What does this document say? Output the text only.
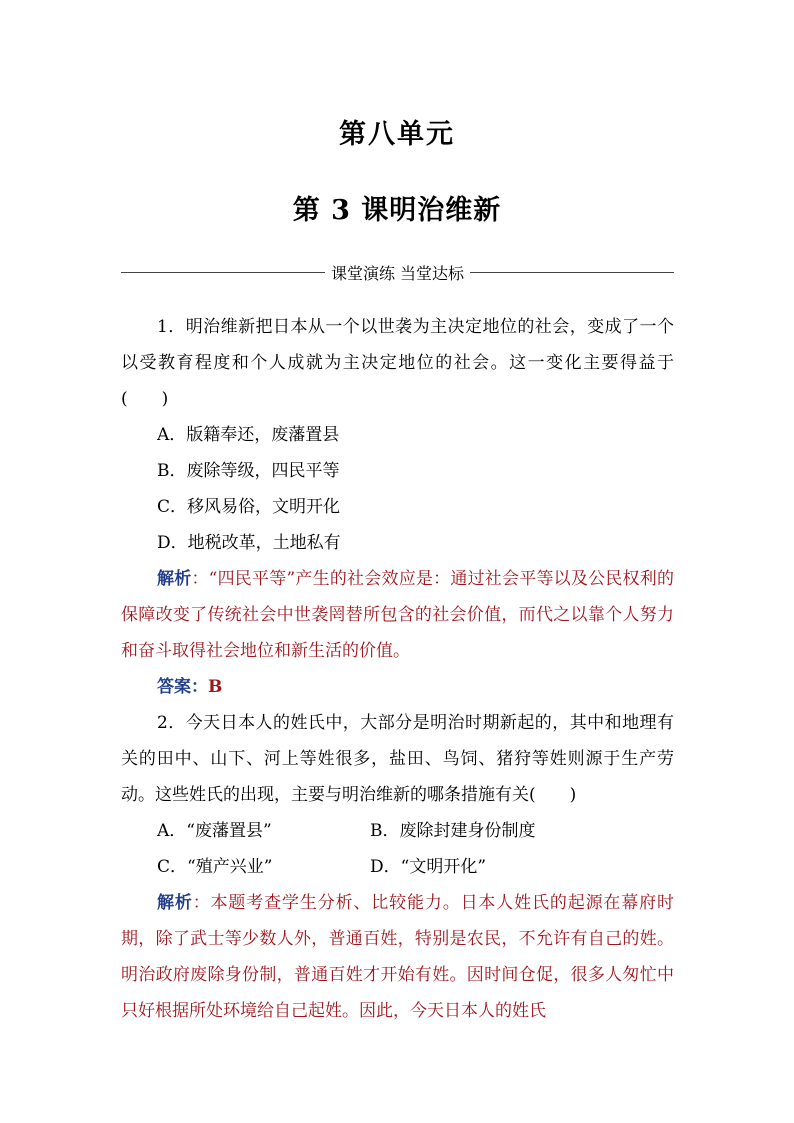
第八单元
第 3 课明治维新
课堂演练 当堂达标

1．明治维新把日本从一个以世袭为主决定地位的社会，变成了一个以受教育程度和个人成就为主决定地位的社会。这一变化主要得益于(　　)

A．版籍奉还，废藩置县

B．废除等级，四民平等

C．移风易俗，文明开化

D．地税改革，土地私有

解析：“四民平等”产生的社会效应是：通过社会平等以及公民权利的保障改变了传统社会中世袭罔替所包含的社会价值，而代之以靠个人努力和奋斗取得社会地位和新生活的价值。

答案：B

2．今天日本人的姓氏中，大部分是明治时期新起的，其中和地理有关的田中、山下、河上等姓很多，盐田、鸟饲、猪狩等姓则源于生产劳动。这些姓氏的出现，主要与明治维新的哪条措施有关(　　)

A．“废藩置县”	B．废除封建身份制度
C．“殖产兴业”	D．“文明开化”

解析：本题考查学生分析、比较能力。日本人姓氏的起源在幕府时期，除了武士等少数人外，普通百姓，特别是农民，不允许有自己的姓。明治政府废除身份制，普通百姓才开始有姓。因时间仓促，很多人匆忙中只好根据所处环境给自己起姓。因此，今天日本人的姓氏
